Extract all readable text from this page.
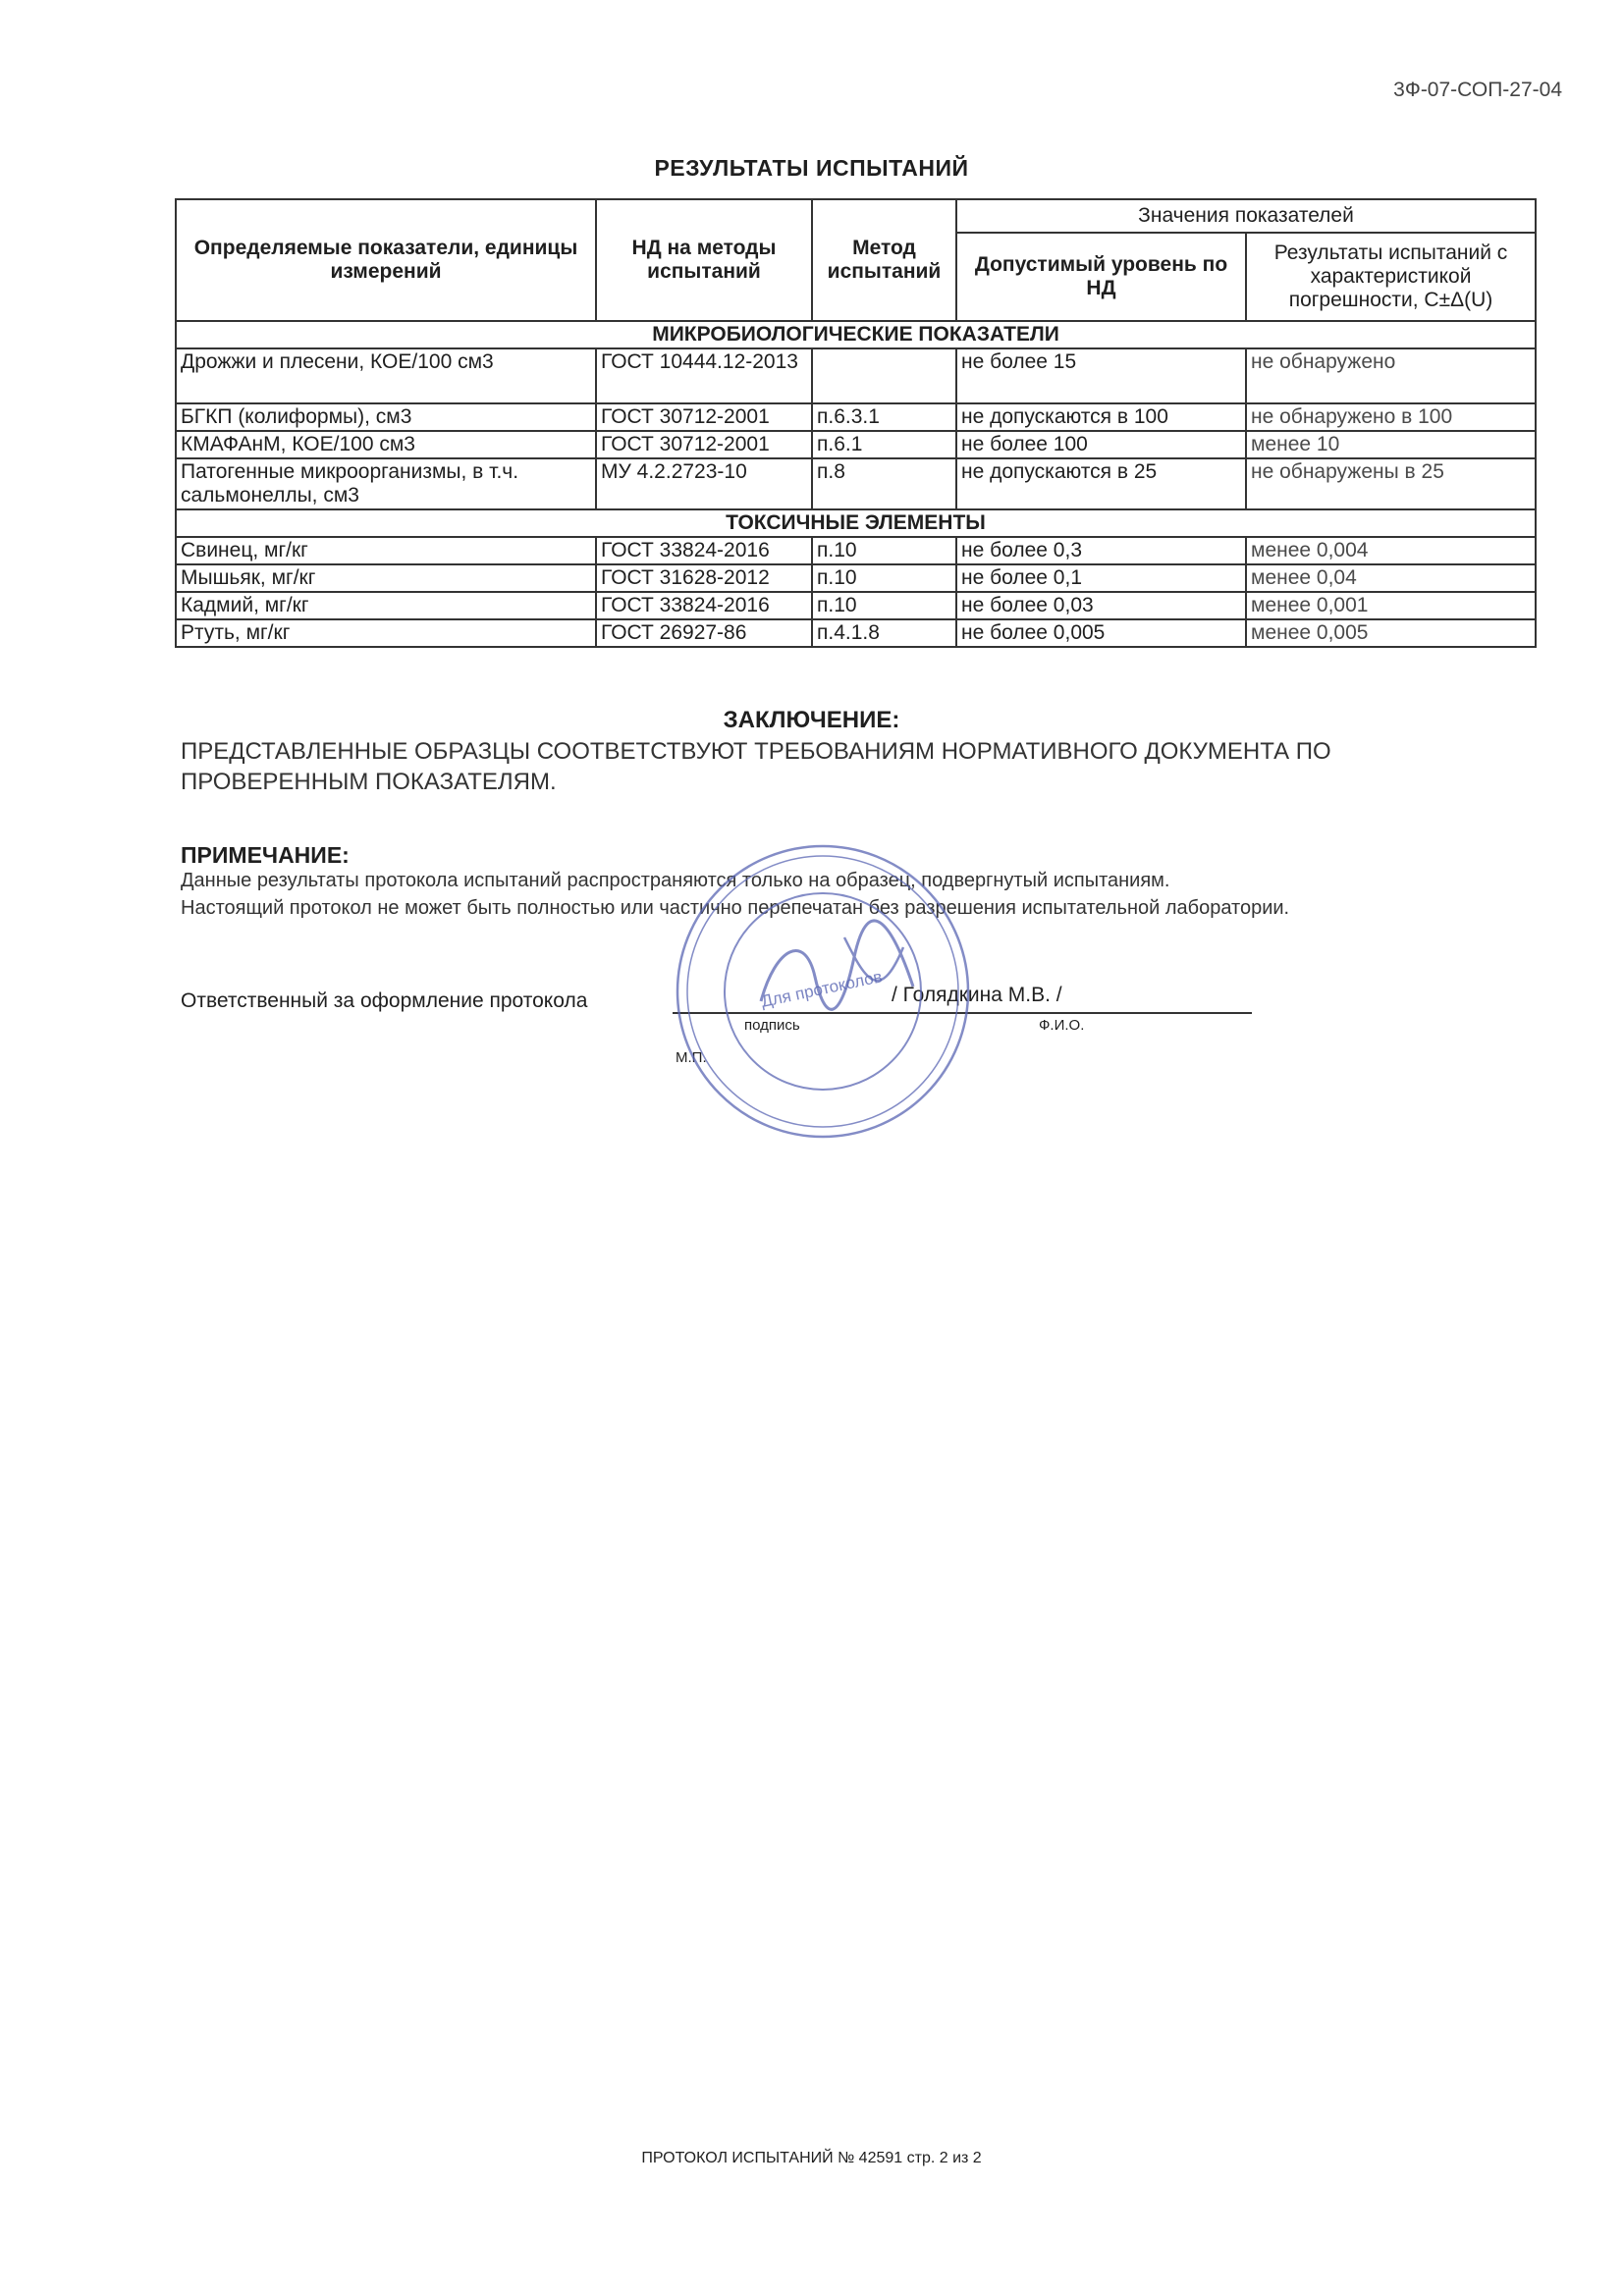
3Ф-07-СОП-27-04
РЕЗУЛЬТАТЫ ИСПЫТАНИЙ
Определяемые показатели, единицы измерений	НД на методы испытаний	Метод испытаний	Значения показателей	
			Допустимый уровень по НД	Результаты испытаний с характеристикой погрешности, С±Δ(U)
МИКРОБИОЛОГИЧЕСКИЕ ПОКАЗАТЕЛИ				
Дрожжи и плесени, КОЕ/100 см3	ГОСТ 10444.12-2013		не более 15	не обнаружено
БГКП (колиформы), см3	ГОСТ 30712-2001	п.6.3.1	не допускаются в 100	не обнаружено в 100
КМАФАнМ, КОЕ/100 см3	ГОСТ 30712-2001	п.6.1	не более 100	менее 10
Патогенные микроорганизмы, в т.ч. сальмонеллы, см3	МУ 4.2.2723-10	п.8	не допускаются в 25	не обнаружены в 25
ТОКСИЧНЫЕ ЭЛЕМЕНТЫ				
Свинец, мг/кг	ГОСТ 33824-2016	п.10	не более 0,3	менее 0,004
Мышьяк, мг/кг	ГОСТ 31628-2012	п.10	не более 0,1	менее 0,04
Кадмий, мг/кг	ГОСТ 33824-2016	п.10	не более 0,03	менее 0,001
Ртуть, мг/кг	ГОСТ 26927-86	п.4.1.8	не более 0,005	менее 0,005
ЗАКЛЮЧЕНИЕ:
ПРЕДСТАВЛЕННЫЕ ОБРАЗЦЫ СООТВЕТСТВУЮТ ТРЕБОВАНИЯМ НОРМАТИВНОГО ДОКУМЕНТА ПО ПРОВЕРЕННЫМ ПОКАЗАТЕЛЯМ.
ПРИМЕЧАНИЕ:
Данные результаты протокола испытаний распространяются только на образец, подвергнутый испытаниям.
Настоящий протокол не может быть полностью или частично перепечатан без разрешения испытательной лаборатории.
Ответственный за оформление протокола	/ Голядкина М.В. /
подпись	Ф.И.О.
М.П.
Для протоколов
ПРОТОКОЛ ИСПЫТАНИЙ № 42591 стр. 2 из 2
